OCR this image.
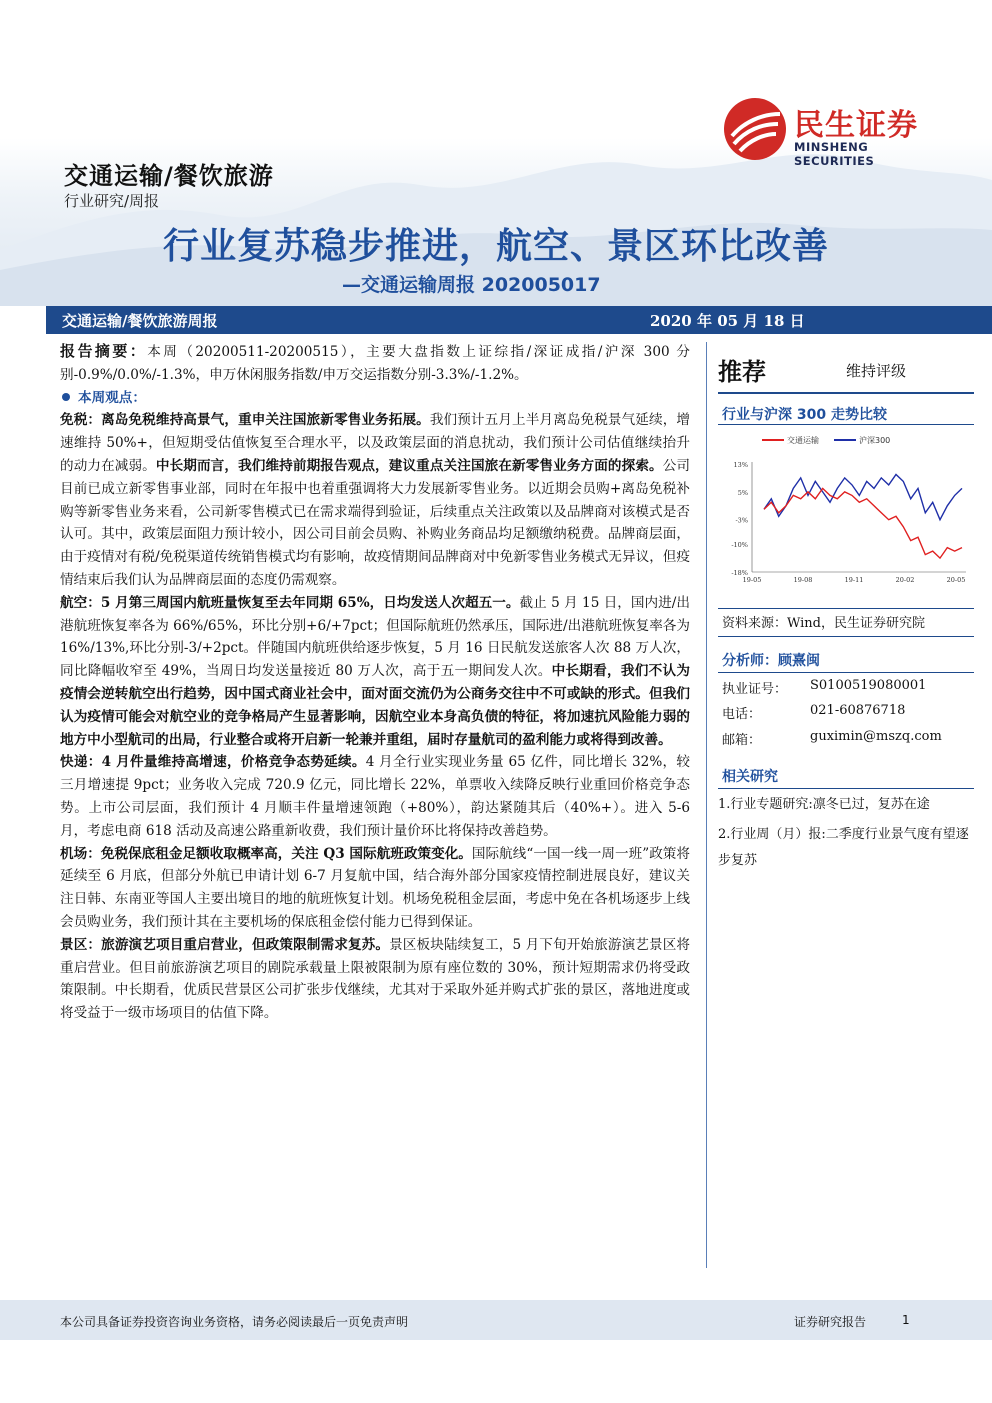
民生证券
MINSHENG SECURITIES
交通运输/餐饮旅游
行业研究/周报
行业复苏稳步推进，航空、景区环比改善
—交通运输周报 202005017
交通运输/餐饮旅游周报	2020 年 05 月 18 日

报告摘要：本周（20200511-20200515），主要大盘指数上证综指/深证成指/沪深 300 分别-0.9%/0.0%/-1.3%，申万休闲服务指数/申万交运指数分别-3.3%/-1.2%。

本周观点：

免税：离岛免税维持高景气，重申关注国旅新零售业务拓展。我们预计五月上半月离岛免税景气延续，增速维持 50%+，但短期受估值恢复至合理水平，以及政策层面的消息扰动，我们预计公司估值继续抬升的动力在减弱。中长期而言，我们维持前期报告观点，建议重点关注国旅在新零售业务方面的探索。公司目前已成立新零售事业部，同时在年报中也着重强调将大力发展新零售业务。以近期会员购+离岛免税补购等新零售业务来看，公司新零售模式已在需求端得到验证，后续重点关注政策以及品牌商对该模式是否认可。其中，政策层面阻力预计较小，因公司目前会员购、补购业务商品均足额缴纳税费。品牌商层面，由于疫情对有税/免税渠道传统销售模式均有影响，故疫情期间品牌商对中免新零售业务模式无异议，但疫情结束后我们认为品牌商层面的态度仍需观察。

航空：5 月第三周国内航班量恢复至去年同期 65%，日均发送人次超五一。截止 5 月 15 日，国内进/出港航班恢复率各为 66%/65%，环比分别+6/+7pct；但国际航班仍然承压，国际进/出港航班恢复率各为 16%/13%,环比分别-3/+2pct。伴随国内航班供给逐步恢复，5 月 16 日民航发送旅客人次 88 万人次，同比降幅收窄至 49%，当周日均发送量接近 80 万人次，高于五一期间发人次。中长期看，我们不认为疫情会逆转航空出行趋势，因中国式商业社会中，面对面交流仍为公商务交往中不可或缺的形式。但我们认为疫情可能会对航空业的竞争格局产生显著影响，因航空业本身高负债的特征，将加速抗风险能力弱的地方中小型航司的出局，行业整合或将开启新一轮兼并重组，届时存量航司的盈利能力或将得到改善。

快递：4 月件量维持高增速，价格竞争态势延续。4 月全行业实现业务量 65 亿件，同比增长 32%，较三月增速提 9pct；业务收入完成 720.9 亿元，同比增长 22%，单票收入续降反映行业重回价格竞争态势。上市公司层面，我们预计 4 月顺丰件量增速领跑（+80%），韵达紧随其后（40%+）。进入 5-6 月，考虑电商 618 活动及高速公路重新收费，我们预计量价环比将保持改善趋势。

机场：免税保底租金足额收取概率高，关注 Q3 国际航班政策变化。国际航线“一国一线一周一班”政策将延续至 6 月底，但部分外航已申请计划 6-7 月复航中国，结合海外部分国家疫情控制进展良好，建议关注日韩、东南亚等国人主要出境目的地的航班恢复计划。机场免税租金层面，考虑中免在各机场逐步上线会员购业务，我们预计其在主要机场的保底租金偿付能力已得到保证。

景区：旅游演艺项目重启营业，但政策限制需求复苏。景区板块陆续复工，5 月下旬开始旅游演艺景区将重启营业。但目前旅游演艺项目的剧院承载量上限被限制为原有座位数的 30%，预计短期需求仍将受政策限制。中长期看，优质民营景区公司扩张步伐继续，尤其对于采取外延并购式扩张的景区，落地进度或将受益于一级市场项目的估值下降。

推荐	维持评级
行业与沪深 300 走势比较
交通运输	沪深300
13%
5%
-3%
-10%
-18%
19-05	19-08	19-11	20-02	20-05
资料来源：Wind，民生证券研究院
分析师：顾熹闽
执业证号： S0100519080001
电话：	021-60876718
邮箱：	guximin@mszq.com
相关研究
1.行业专题研究:凛冬已过，复苏在途
2.行业周（月）报:二季度行业景气度有望逐步复苏
本公司具备证券投资咨询业务资格，请务必阅读最后一页免责声明	证券研究报告	1
